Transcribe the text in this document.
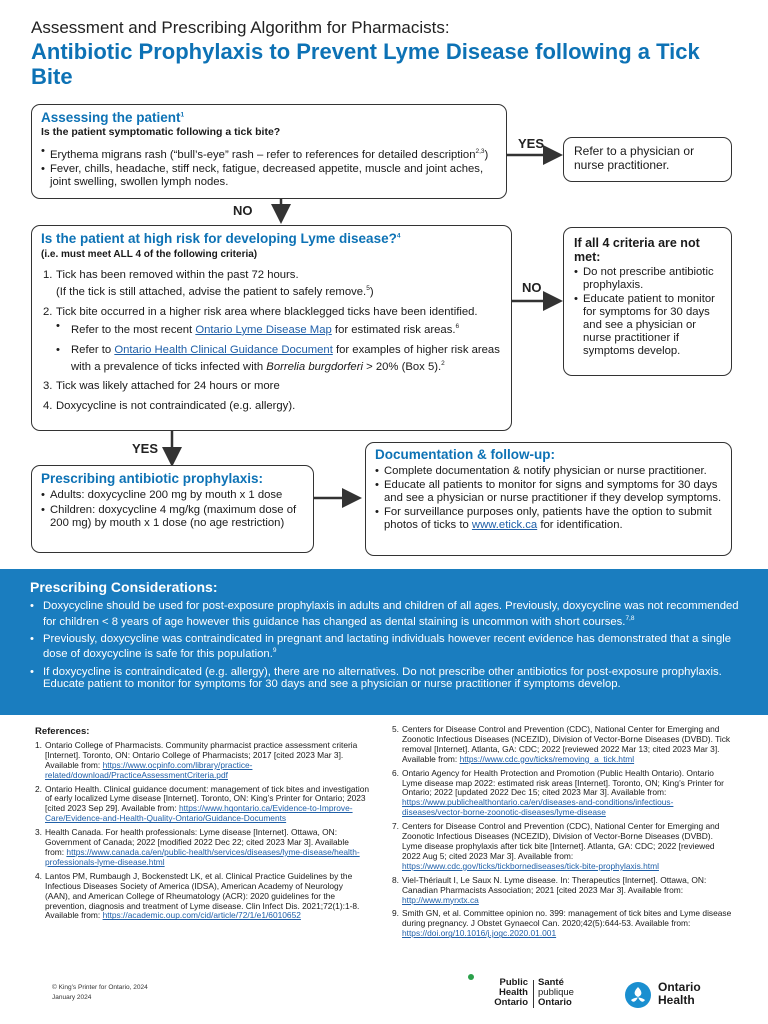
Assessment and Prescribing Algorithm for Pharmacists:
Antibiotic Prophylaxis to Prevent Lyme Disease following a Tick Bite
YES
NO
NO
YES
Assessing the patient$^1$
Is the patient symptomatic following a tick bite?
• Erythema migrans rash (“bull’s-eye” rash – refer to references for detailed description$^{2,3}$)
• Fever, chills, headache, stiff neck, fatigue, decreased appetite, muscle and joint aches, joint swelling, swollen lymph nodes.
Refer to a physician or nurse practitioner.
Is the patient at high risk for developing Lyme disease?$^4$
(i.e. must meet ALL 4 of the following criteria)
1. Tick has been removed within the past 72 hours.
(If the tick is still attached, advise the patient to safely remove.$^5$)
2. Tick bite occurred in a higher risk area where blacklegged ticks have been identified.
• Refer to the most recent Ontario Lyme Disease Map for estimated risk areas.$^6$
• Refer to Ontario Health Clinical Guidance Document for examples of higher risk areas with a prevalence of ticks infected with Borrelia burgdorferi > 20% (Box 5).$^2$
3. Tick was likely attached for 24 hours or more
4. Doxycycline is not contraindicated (e.g. allergy).
If all 4 criteria are not met:
• Do not prescribe antibiotic prophylaxis.
• Educate patient to monitor for symptoms for 30 days and see a physician or nurse practitioner if symptoms develop.
Prescribing antibiotic prophylaxis:
• Adults: doxycycline 200 mg by mouth x 1 dose
• Children: doxycycline 4 mg/kg (maximum dose of 200 mg) by mouth x 1 dose (no age restriction)
Documentation & follow-up:
• Complete documentation & notify physician or nurse practitioner.
• Educate all patients to monitor for signs and symptoms for 30 days and see a physician or nurse practitioner if they develop symptoms.
• For surveillance purposes only, patients have the option to submit photos of ticks to www.etick.ca for identification.
Prescribing Considerations:
• Doxycycline should be used for post-exposure prophylaxis in adults and children of all ages. Previously, doxycycline was not recommended for children < 8 years of age however this guidance has changed as dental staining is uncommon with short courses.$^{7,8}$
• Previously, doxycycline was contraindicated in pregnant and lactating individuals however recent evidence has demonstrated that a single dose of doxycycline is safe for this population.$^9$
• If doxycycline is contraindicated (e.g. allergy), there are no alternatives. Do not prescribe other antibiotics for post-exposure prophylaxis. Educate patient to monitor for symptoms for 30 days and see a physician or nurse practitioner if symptoms develop.
References:
1. Ontario College of Pharmacists. Community pharmacist practice assessment criteria [Internet]. Toronto, ON: Ontario College of Pharmacists; 2017 [cited 2023 Mar 3]. Available from: https://www.ocpinfo.com/library/practice-related/download/PracticeAssessmentCriteria.pdf
2. Ontario Health. Clinical guidance document: management of tick bites and investigation of early localized Lyme disease [Internet]. Toronto, ON: King’s Printer for Ontario; 2023 [cited 2023 Sep 29]. Available from: https://www.hqontario.ca/Evidence-to-Improve-Care/Evidence-and-Health-Quality-Ontario/Guidance-Documents
3. Health Canada. For health professionals: Lyme disease [Internet]. Ottawa, ON: Government of Canada; 2022 [modified 2022 Dec 22; cited 2023 Mar 3]. Available from: https://www.canada.ca/en/public-health/services/diseases/lyme-disease/health-professionals-lyme-disease.html
4. Lantos PM, Rumbaugh J, Bockenstedt LK, et al. Clinical Practice Guidelines by the Infectious Diseases Society of America (IDSA), American Academy of Neurology (AAN), and American College of Rheumatology (ACR): 2020 guidelines for the prevention, diagnosis and treatment of Lyme disease. Clin Infect Dis. 2021;72(1):1-8. Available from: https://academic.oup.com/cid/article/72/1/e1/6010652
5. Centers for Disease Control and Prevention (CDC), National Center for Emerging and Zoonotic Infectious Diseases (NCEZID), Division of Vector-Borne Diseases (DVBD). Tick removal [Internet]. Atlanta, GA: CDC; 2022 [reviewed 2022 Mar 13; cited 2023 Mar 3]. Available from: https://www.cdc.gov/ticks/removing_a_tick.html
6. Ontario Agency for Health Protection and Promotion (Public Health Ontario). Ontario Lyme disease map 2022: estimated risk areas [Internet]. Toronto, ON; King’s Printer for Ontario; 2022 [updated 2022 Dec 15; cited 2023 Mar 3]. Available from: https://www.publichealthontario.ca/en/diseases-and-conditions/infectious-diseases/vector-borne-zoonotic-diseases/lyme-disease
7. Centers for Disease Control and Prevention (CDC), National Center for Emerging and Zoonotic Infectious Diseases (NCEZID), Division of Vector-Borne Diseases (DVBD). Lyme disease prophylaxis after tick bite [Internet]. Atlanta, GA: CDC; 2022 [reviewed 2022 Aug 5; cited 2023 Mar 3]. Available from: https://www.cdc.gov/ticks/tickbornediseases/tick-bite-prophylaxis.html
8. Viel-Thériault I, Le Saux N. Lyme disease. In: Therapeutics [Internet]. Ottawa, ON: Canadian Pharmacists Association; 2021 [cited 2023 Mar 3]. Available from: http://www.myrxtx.ca
9. Smith GN, et al. Committee opinion no. 399: management of tick bites and Lyme disease during pregnancy. J Obstet Gynaecol Can. 2020;42(5):644-53. Available from: https://doi.org/10.1016/j.jogc.2020.01.001
© King’s Printer for Ontario, 2024
January 2024
Public
Health
Ontario
Santé
publique
Ontario
Ontario
Health
